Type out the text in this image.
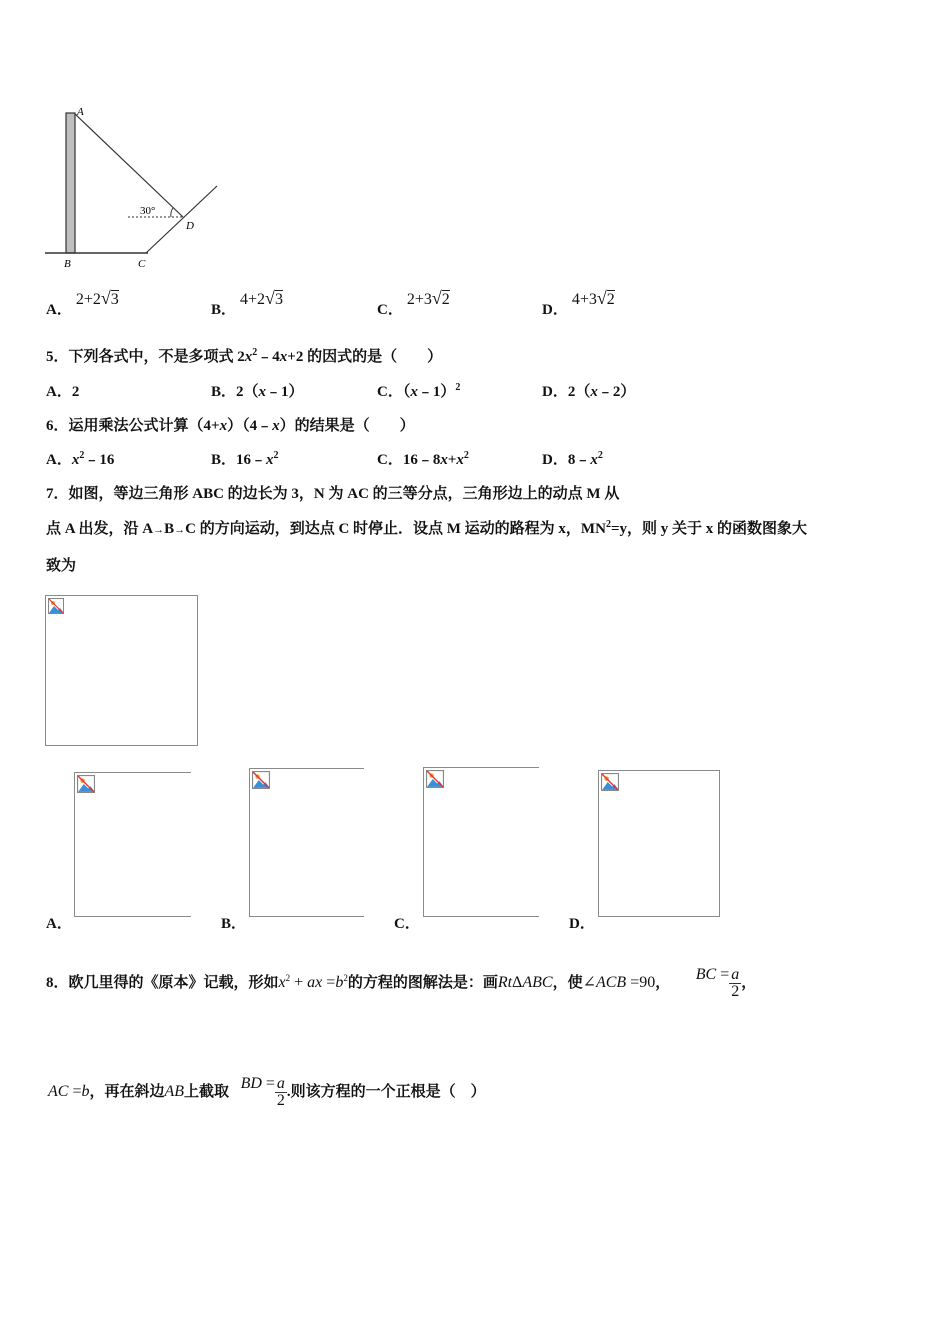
A
B	C
D
30°
A． 2+2√3
B． 4+2√3
C． 2+3√2
D． 4+3√2
5．下列各式中，不是多项式 $2x^2﹣4x+2$ 的因式的是（　　）
A．2	B．2（x﹣1）	C．（x﹣1）$^2$	D．2（x﹣2）
6．运用乘法公式计算（4+x）（4﹣x）的结果是（　　）
A．$x^2﹣16$	B．$16﹣x^2$	C．$16﹣8x+x^2$	D．$8﹣x^2$
7．如图，等边三角形 ABC 的边长为 3，N 为 AC 的三等分点，三角形边上的动点 M 从
点 A 出发，沿 A→B→C 的方向运动，到达点 C 时停止．设点 M 运动的路程为 x，$MN^2=y$，则 y 关于 x 的函数图象大
致为
A．	B．	C．	D．
8．欧几里得的《原本》记载，形如$x^2$ + ax $=b^2$的方程的图解法是：画RtΔABC，使∠ACB =90， BC = $\frac{a}{2}$ ，
AC =b，再在斜边AB上截取 BD = $\frac{a}{2}$ .则该方程的一个正根是（　）
